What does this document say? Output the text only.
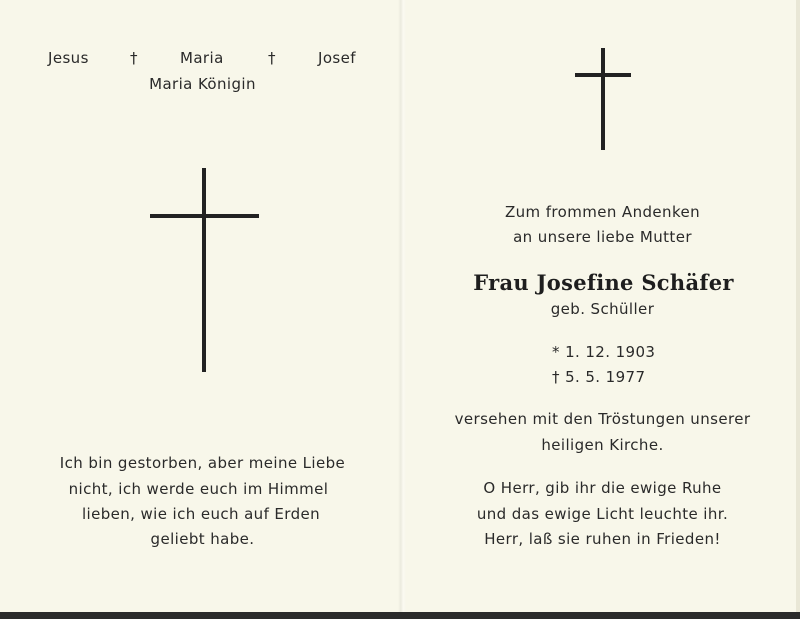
Jesus	†	Maria	†	Josef
Maria Königin
Ich bin gestorben, aber meine Liebe
nicht, ich werde euch im Himmel
lieben, wie ich euch auf Erden
geliebt habe.
Zum frommen Andenken
an unsere liebe Mutter
Frau Josefine Schäfer
geb. Schüller
* 1. 12. 1903
† 5. 5. 1977
versehen mit den Tröstungen unserer
heiligen Kirche.
O Herr, gib ihr die ewige Ruhe
und das ewige Licht leuchte ihr.
Herr, laß sie ruhen in Frieden!
